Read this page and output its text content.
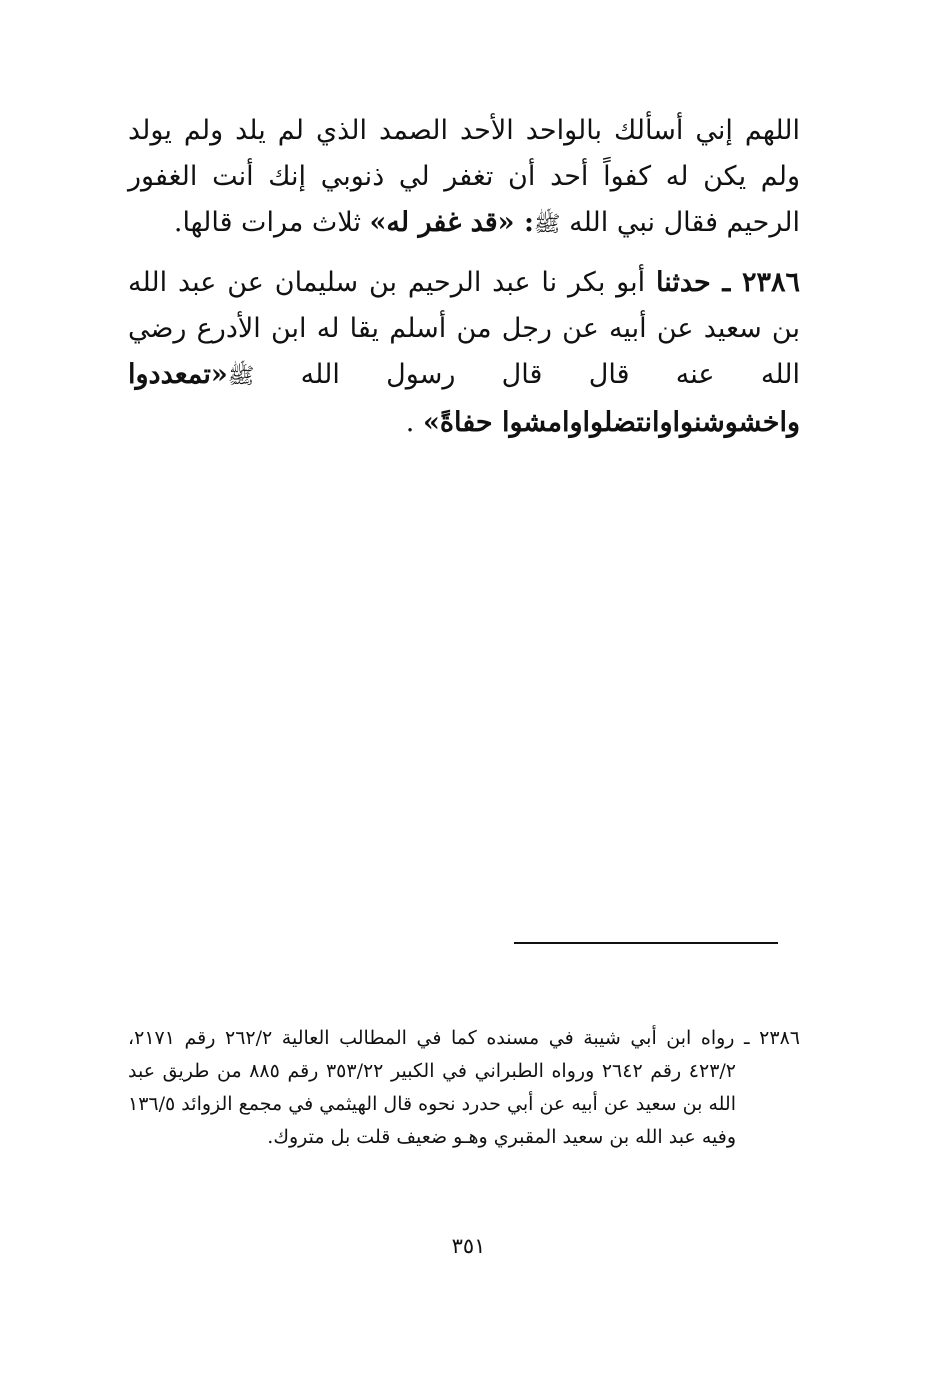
اللهم إني أسألك بالواحد الأحد الصمد الذي لم يلد ولم يولد ولم يكن له كفواً أحد أن تغفر لي ذنوبي إنك أنت الغفور الرحيم فقال نبي الله ﷺ: «قد غفر له» ثلاث مرات قالها.

٢٣٨٦ ـ حدثنا أبو بكر نا عبد الرحيم بن سليمان عن عبد الله بن سعيد عن أبيه عن رجل من أسلم يقا له ابن الأدرع رضي الله عنه قال قال رسول الله ﷺ«تمعددوا واخشوشنواوانتضلواوامشوا حفاةً» .

٢٣٨٦ ـ رواه ابن أبي شيبة في مسنده كما في المطالب العالية ٢٦٢/٢ رقم ٢١٧١، ٤٢٣/٢ رقم ٢٦٤٢ ورواه الطبراني في الكبير ٣٥٣/٢٢ رقم ٨٨٥ من طريق عبد الله بن سعيد عن أبيه عن أبي حدرد نحوه قال الهيثمي في مجمع الزوائد ١٣٦/٥ وفيه عبد الله بن سعيد المقبري وهـو ضعيف قلت بل متروك.

٣٥١
